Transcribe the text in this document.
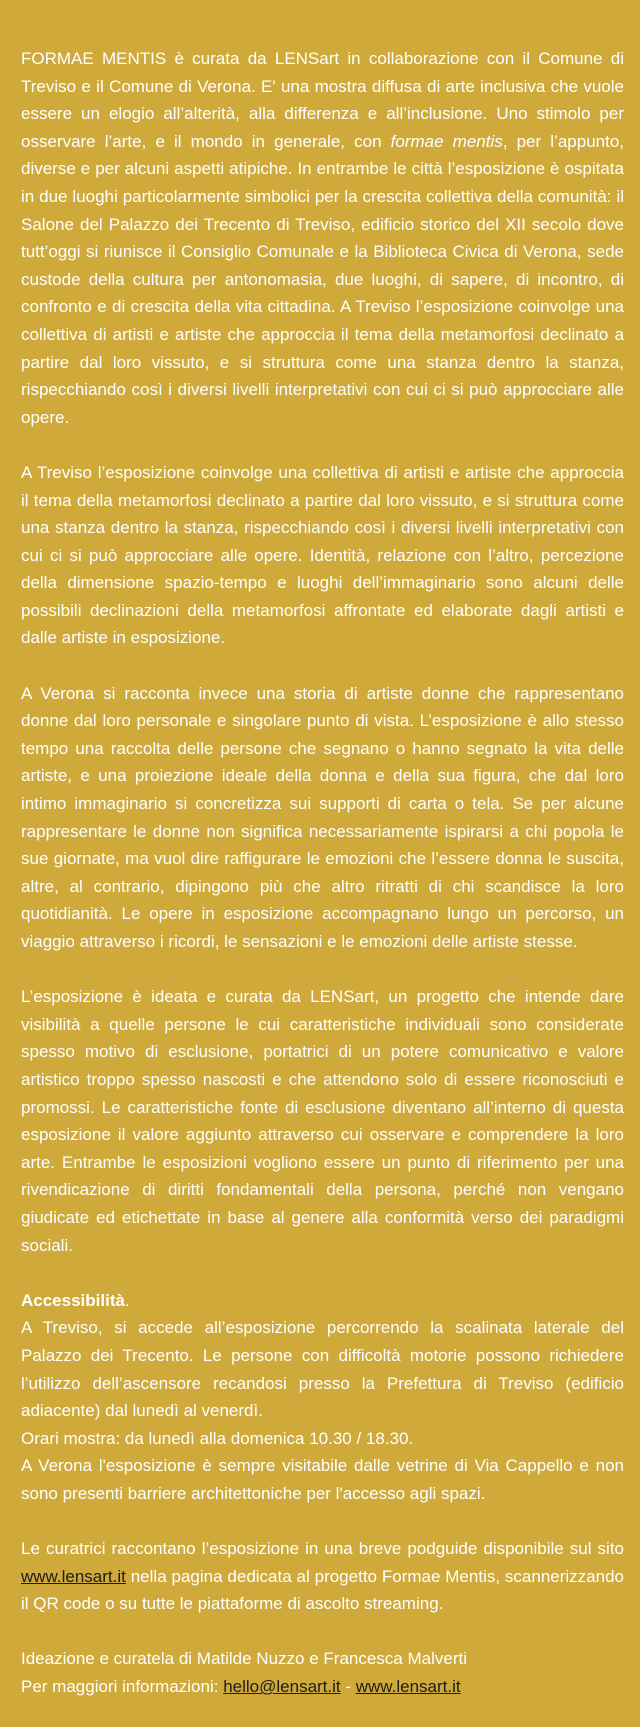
FORMAE MENTIS è curata da LENSart in collaborazione con il Comune di Treviso e il Comune di Verona. E' una mostra diffusa di arte inclusiva che vuole essere un elogio all’alterità, alla differenza e all’inclusione. Uno stimolo per osservare l’arte, e il mondo in generale, con formae mentis, per l’appunto, diverse e per alcuni aspetti atipiche. In entrambe le città l’esposizione è ospitata in due luoghi particolarmente simbolici per la crescita collettiva della comunità: il Salone del Palazzo dei Trecento di Treviso, edificio storico del XII secolo dove tutt’oggi si riunisce il Consiglio Comunale e la Biblioteca Civica di Verona, sede custode della cultura per antonomasia, due luoghi, di sapere, di incontro, di confronto e di crescita della vita cittadina. A Treviso l’esposizione coinvolge una collettiva di artisti e artiste che approccia il tema della metamorfosi declinato a partire dal loro vissuto, e si struttura come una stanza dentro la stanza, rispecchiando così i diversi livelli interpretativi con cui ci si può approcciare alle opere.

A Treviso l’esposizione coinvolge una collettiva di artisti e artiste che approccia il tema della metamorfosi declinato a partire dal loro vissuto, e si struttura come una stanza dentro la stanza, rispecchiando così i diversi livelli interpretativi con cui ci si può approcciare alle opere. Identità, relazione con l’altro, percezione della dimensione spazio-tempo e luoghi dell’immaginario sono alcuni delle possibili declinazioni della metamorfosi affrontate ed elaborate dagli artisti e dalle artiste in esposizione.

A Verona si racconta invece una storia di artiste donne che rappresentano donne dal loro personale e singolare punto di vista. L’esposizione è allo stesso tempo una raccolta delle persone che segnano o hanno segnato la vita delle artiste, e una proiezione ideale della donna e della sua figura, che dal loro intimo immaginario si concretizza sui supporti di carta o tela. Se per alcune rappresentare le donne non significa necessariamente ispirarsi a chi popola le sue giornate, ma vuol dire raffigurare le emozioni che l’essere donna le suscita, altre, al contrario, dipingono più che altro ritratti di chi scandisce la loro quotidianità. Le opere in esposizione accompagnano lungo un percorso, un viaggio attraverso i ricordi, le sensazioni e le emozioni delle artiste stesse.

L’esposizione è ideata e curata da LENSart, un progetto che intende dare visibilità a quelle persone le cui caratteristiche individuali sono considerate spesso motivo di esclusione, portatrici di un potere comunicativo e valore artistico troppo spesso nascosti e che attendono solo di essere riconosciuti e promossi. Le caratteristiche fonte di esclusione diventano all’interno di questa esposizione il valore aggiunto attraverso cui osservare e comprendere la loro arte. Entrambe le esposizioni vogliono essere un punto di riferimento per una rivendicazione di diritti fondamentali della persona, perché non vengano giudicate ed etichettate in base al genere alla conformità verso dei paradigmi sociali.

Accessibilità.
A Treviso, si accede all’esposizione percorrendo la scalinata laterale del Palazzo dei Trecento. Le persone con difficoltà motorie possono richiedere l’utilizzo dell’ascensore recandosi presso la Prefettura di Treviso (edificio adiacente) dal lunedì al venerdì.
Orari mostra: da lunedì alla domenica 10.30 / 18.30.
A Verona l'esposizione è sempre visitabile dalle vetrine di Via Cappello e non sono presenti barriere architettoniche per l'accesso agli spazi.

Le curatrici raccontano l’esposizione in una breve podguide disponibile sul sito www.lensart.it nella pagina dedicata al progetto Formae Mentis, scannerizzando il QR code o su tutte le piattaforme di ascolto streaming.

Ideazione e curatela di Matilde Nuzzo e Francesca Malverti
Per maggiori informazioni: hello@lensart.it - www.lensart.it
